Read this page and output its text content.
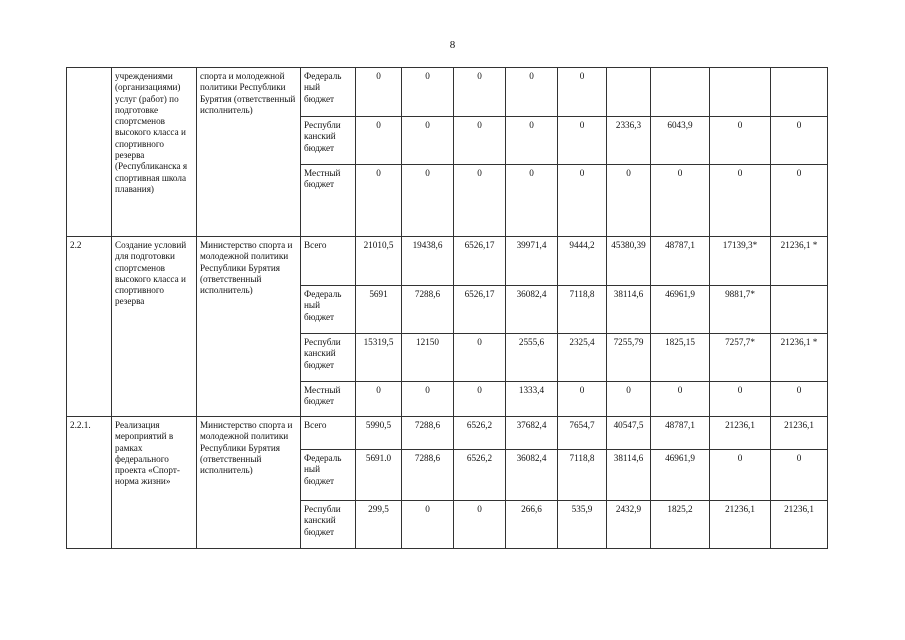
8
	учреждениями (организациями) услуг (работ) по подготовке спортсменов высокого класса и спортивного резерва (Республиканска я спортивная школа плавания)	спорта и молодежной политики Республики Бурятия (ответственный исполнитель)	Федераль ный бюджет	0	0	0	0	0				
			Республи канский бюджет	0	0	0	0	0	2336,3	6043,9	0	0
			Местный бюджет	0	0	0	0	0	0	0	0	0
2.2	Создание условий для подготовки спортсменов высокого класса и спортивного резерва	Министерство спорта и молодежной политики Республики Бурятия (ответственный исполнитель)	Всего	21010,5	19438,6	6526,17	39971,4	9444,2	45380,39	48787,1	17139,3*	21236,1 *
			Федераль ный бюджет	5691	7288,6	6526,17	36082,4	7118,8	38114,6	46961,9	9881,7*	
			Республи канский бюджет	15319,5	12150	0	2555,6	2325,4	7255,79	1825,15	7257,7*	21236,1 *
			Местный бюджет	0	0	0	1333,4	0	0	0	0	0
2.2.1.	Реализация мероприятий в рамках федерального проекта «Спорт-норма жизни»	Министерство спорта и молодежной политики Республики Бурятия (ответственный исполнитель)	Всего	5990,5	7288,6	6526,2	37682,4	7654,7	40547,5	48787,1	21236,1	21236,1
			Федераль ный бюджет	5691.0	7288,6	6526,2	36082,4	7118,8	38114,6	46961,9	0	0
			Республи канский бюджет	299,5	0	0	266,6	535,9	2432,9	1825,2	21236,1	21236,1
